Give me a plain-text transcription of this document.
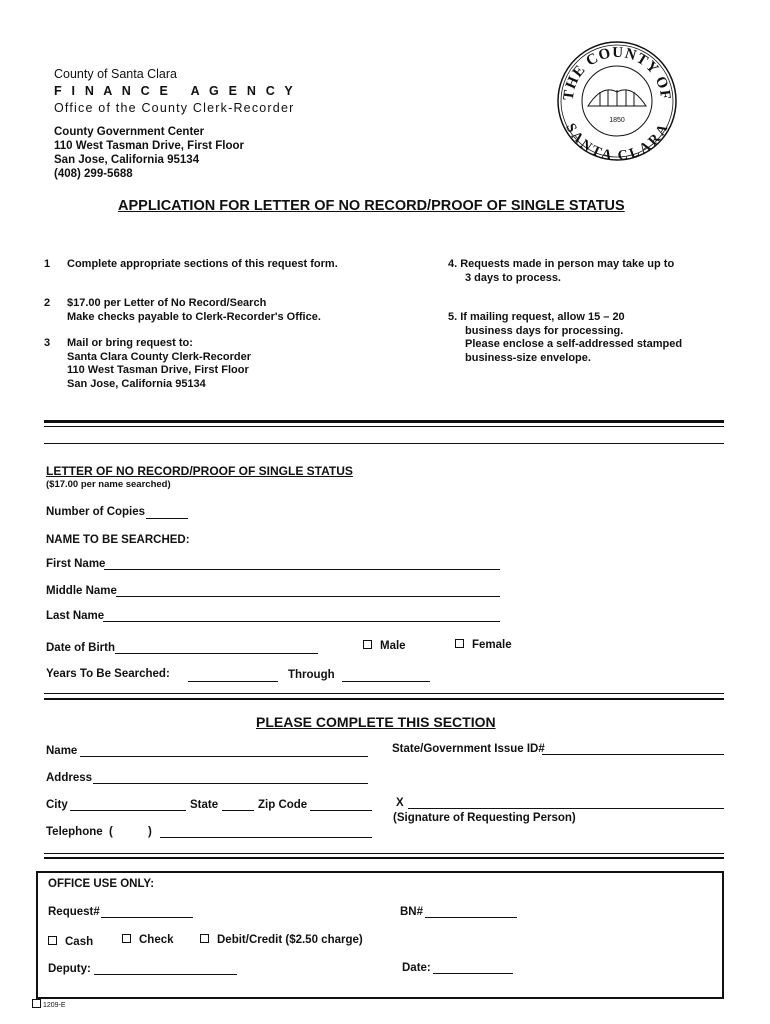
County of Santa Clara
F I N A N C E   A G E N C Y
Office of the County Clerk-Recorder
County Government Center
110 West Tasman Drive, First Floor
San Jose, California 95134
(408) 299-5688
THE COUNTY OF
SANTA CLARA
1850
APPLICATION FOR LETTER OF NO RECORD/PROOF OF SINGLE STATUS
1 Complete appropriate sections of this request form.
2 $17.00 per Letter of No Record/Search
Make checks payable to Clerk-Recorder's Office.
3 Mail or bring request to:
Santa Clara County Clerk-Recorder
110 West Tasman Drive, First Floor
San Jose, California 95134
4. Requests made in person may take up to
3 days to process.
5. If mailing request, allow 15 – 20
business days for processing.
Please enclose a self-addressed stamped
business-size envelope.
LETTER OF NO RECORD/PROOF OF SINGLE STATUS
($17.00 per name searched)
Number of Copies
NAME TO BE SEARCHED:
First Name
Middle Name
Last Name
Date of Birth	Male	Female
Years To Be Searched:	Through
PLEASE COMPLETE THIS SECTION
Name	State/Government Issue ID#
Address
City	State	Zip Code	X
(Signature of Requesting Person)
Telephone  (	)
OFFICE USE ONLY:
Request#	BN#
Cash	Check	Debit/Credit ($2.50 charge)
Deputy:	Date:
1209-E
